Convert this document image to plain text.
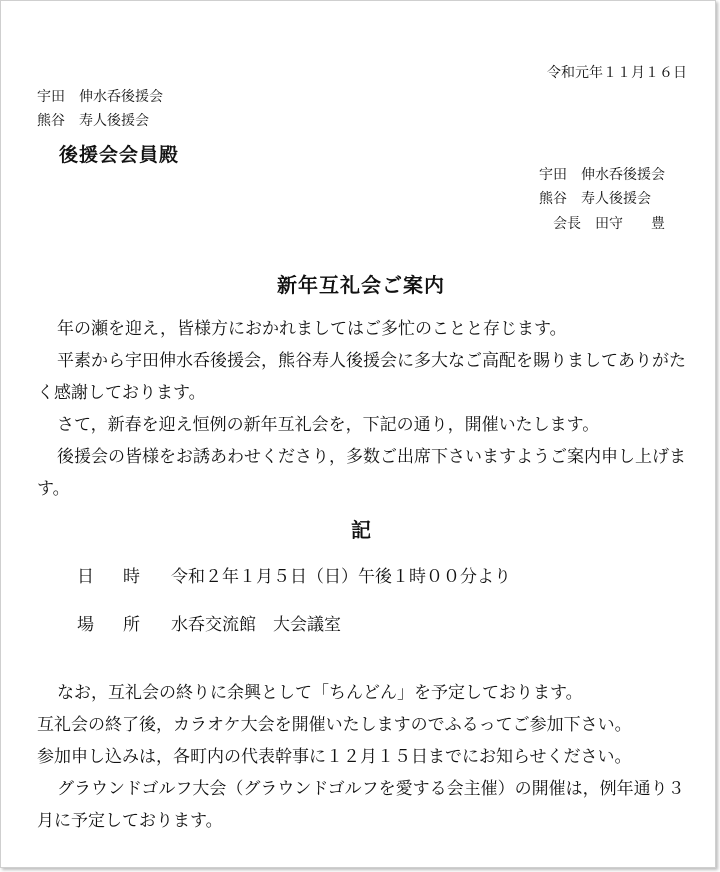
令和元年１１月１６日
宇田　伸水呑後援会
熊谷　寿人後援会
後援会会員殿
宇田　伸水呑後援会
熊谷　寿人後援会
会長　田守　　豊
新年互礼会ご案内
年の瀬を迎え，皆様方におかれましてはご多忙のことと存じます。
平素から宇田伸水呑後援会，熊谷寿人後援会に多大なご高配を賜りましてありがたく感謝しております。
さて，新春を迎え恒例の新年互礼会を，下記の通り，開催いたします。
後援会の皆様をお誘あわせくださり，多数ご出席下さいますようご案内申し上げます。
記
日　時 令和２年１月５日（日）午後１時００分より
場　所 水呑交流館　大会議室
なお，互礼会の終りに余興として「ちんどん」を予定しております。
互礼会の終了後，カラオケ大会を開催いたしますのでふるってご参加下さい。
参加申し込みは，各町内の代表幹事に１２月１５日までにお知らせください。
グラウンドゴルフ大会（グラウンドゴルフを愛する会主催）の開催は，例年通り３月に予定しております。
